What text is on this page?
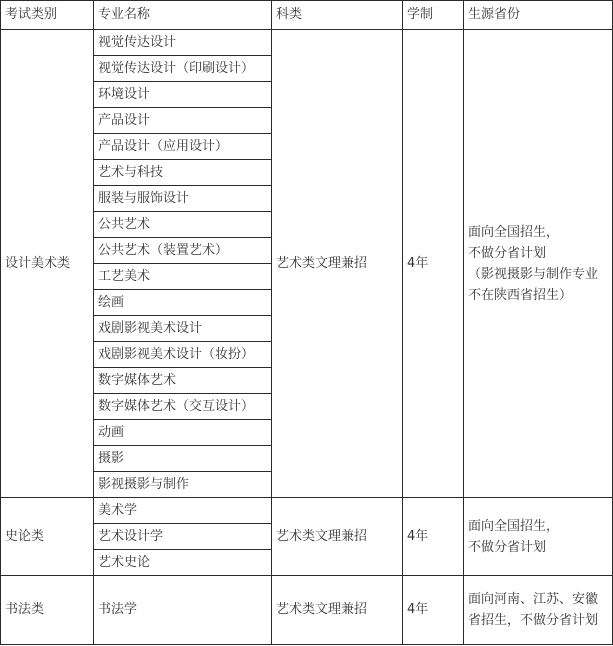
考试类别	专业名称	科类	学制	生源省份
设计美术类	视觉传达设计	艺术类文理兼招	4年	面向全国招生，
不做分省计划
（影视摄影与制作专业不在陕西省招生）

	视觉传达设计（印刷设计）			
	环境设计			
	产品设计			
	产品设计（应用设计）			
	艺术与科技			
	服装与服饰设计			
	公共艺术			
	公共艺术（装置艺术）			
	工艺美术			
	绘画			
	戏剧影视美术设计			
	戏剧影视美术设计（妆扮）			
	数字媒体艺术			
	数字媒体艺术（交互设计）			
	动画			
	摄影			
	影视摄影与制作			
史论类	美术学	艺术类文理兼招	4年	面向全国招生，
不做分省计划

	艺术设计学			
	艺术史论			
书法类	书法学	艺术类文理兼招	4年	面向河南、江苏、安徽省招生，不做分省计划
